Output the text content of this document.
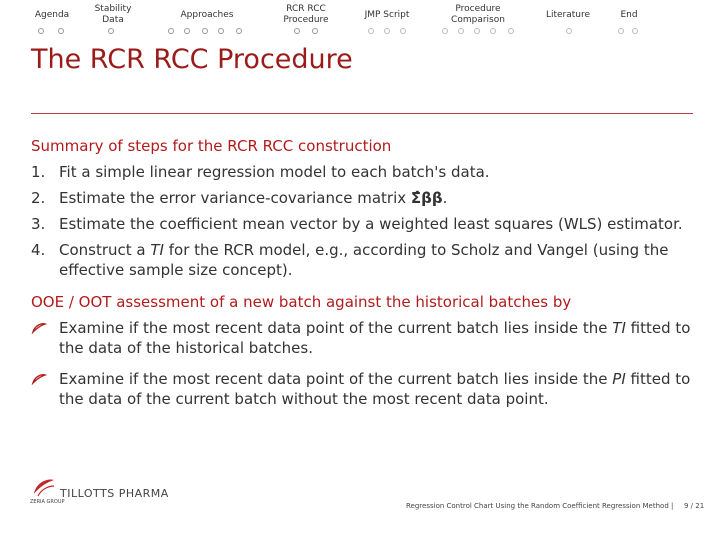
Agenda
Stability
Data	Approaches
RCR RCC
Procedure	JMP Script
Procedure
Comparison	Literature	End
The RCR RCC Procedure
Summary of steps for the RCR RCC construction
1. Fit a simple linear regression model to each batch's data.
2. Estimate the error variance-covariance matrix Σ̂ββ.
3. Estimate the coefficient mean vector by a weighted least squares (WLS) estimator.
4. Construct a TI for the RCR model, e.g., according to Scholz and Vangel (using the effective sample size concept).
OOE / OOT assessment of a new batch against the historical batches by
Examine if the most recent data point of the current batch lies inside the TI fitted to the data of the historical batches.
Examine if the most recent data point of the current batch lies inside the PI fitted to the data of the current batch without the most recent data point.
TILLOTTS PHARMA
ZERIA GROUP	Regression Control Chart Using the Random Coefficient Regression Method | 9 / 21
